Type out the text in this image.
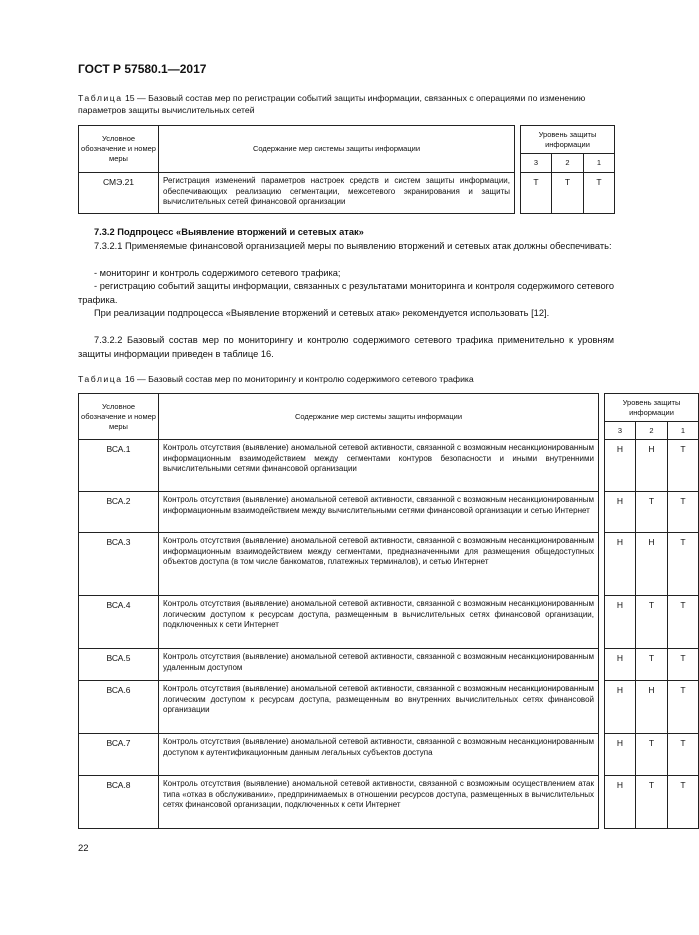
ГОСТ Р 57580.1—2017
Таблица 15 — Базовый состав мер по регистрации событий защиты информации, связанных с операциями по изменению параметров защиты вычислительных сетей
Условное обозначение и номер меры	Содержание мер системы защиты информации		Уровень защиты информации		
			3	2	1
СМЭ.21	Регистрация изменений параметров настроек средств и систем защиты информации, обеспечивающих реализацию сегментации, межсетевого экранирования и защиты вычислительных сетей финансовой организации		Т	Т	Т
7.3.2 Подпроцесс «Выявление вторжений и сетевых атак»
7.3.2.1 Применяемые финансовой организацией меры по выявлению вторжений и сетевых атак должны обеспечивать:
- мониторинг и контроль содержимого сетевого трафика;
- регистрацию событий защиты информации, связанных с результатами мониторинга и контроля содержимого сетевого трафика.
При реализации подпроцесса «Выявление вторжений и сетевых атак» рекомендуется использовать [12].
7.3.2.2 Базовый состав мер по мониторингу и контролю содержимого сетевого трафика применительно к уровням защиты информации приведен в таблице 16.
Таблица 16 — Базовый состав мер по мониторингу и контролю содержимого сетевого трафика
Условное обозначение и номер меры	Содержание мер системы защиты информации		Уровень защиты информации		
			3	2	1
ВСА.1	Контроль отсутствия (выявление) аномальной сетевой активности, связанной с возможным несанкционированным информационным взаимодействием между сегментами контуров безопасности и иными внутренними вычислительными сетями финансовой организации		Н	Н	Т
ВСА.2	Контроль отсутствия (выявление) аномальной сетевой активности, связанной с возможным несанкционированным информационным взаимодействием между вычислительными сетями финансовой организации и сетью Интернет		Н	Т	Т
ВСА.3	Контроль отсутствия (выявление) аномальной сетевой активности, связанной с возможным несанкционированным информационным взаимодействием между сегментами, предназначенными для размещения общедоступных объектов доступа (в том числе банкоматов, платежных терминалов), и сетью Интернет		Н	Н	Т
ВСА.4	Контроль отсутствия (выявление) аномальной сетевой активности, связанной с возможным несанкционированным логическим доступом к ресурсам доступа, размещенным в вычислительных сетях финансовой организации, подключенных к сети Интернет		Н	Т	Т
ВСА.5	Контроль отсутствия (выявление) аномальной сетевой активности, связанной с возможным несанкционированным удаленным доступом		Н	Т	Т
ВСА.6	Контроль отсутствия (выявление) аномальной сетевой активности, связанной с возможным несанкционированным логическим доступом к ресурсам доступа, размещенным во внутренних вычислительных сетях финансовой организации		Н	Н	Т
ВСА.7	Контроль отсутствия (выявление) аномальной сетевой активности, связанной с возможным несанкционированным доступом к аутентификационным данным легальных субъектов доступа		Н	Т	Т
ВСА.8	Контроль отсутствия (выявление) аномальной сетевой активности, связанной с возможным осуществлением атак типа «отказ в обслуживании», предпринимаемых в отношении ресурсов доступа, размещенных в вычислительных сетях финансовой организации, подключенных к сети Интернет		Н	Т	Т
22
